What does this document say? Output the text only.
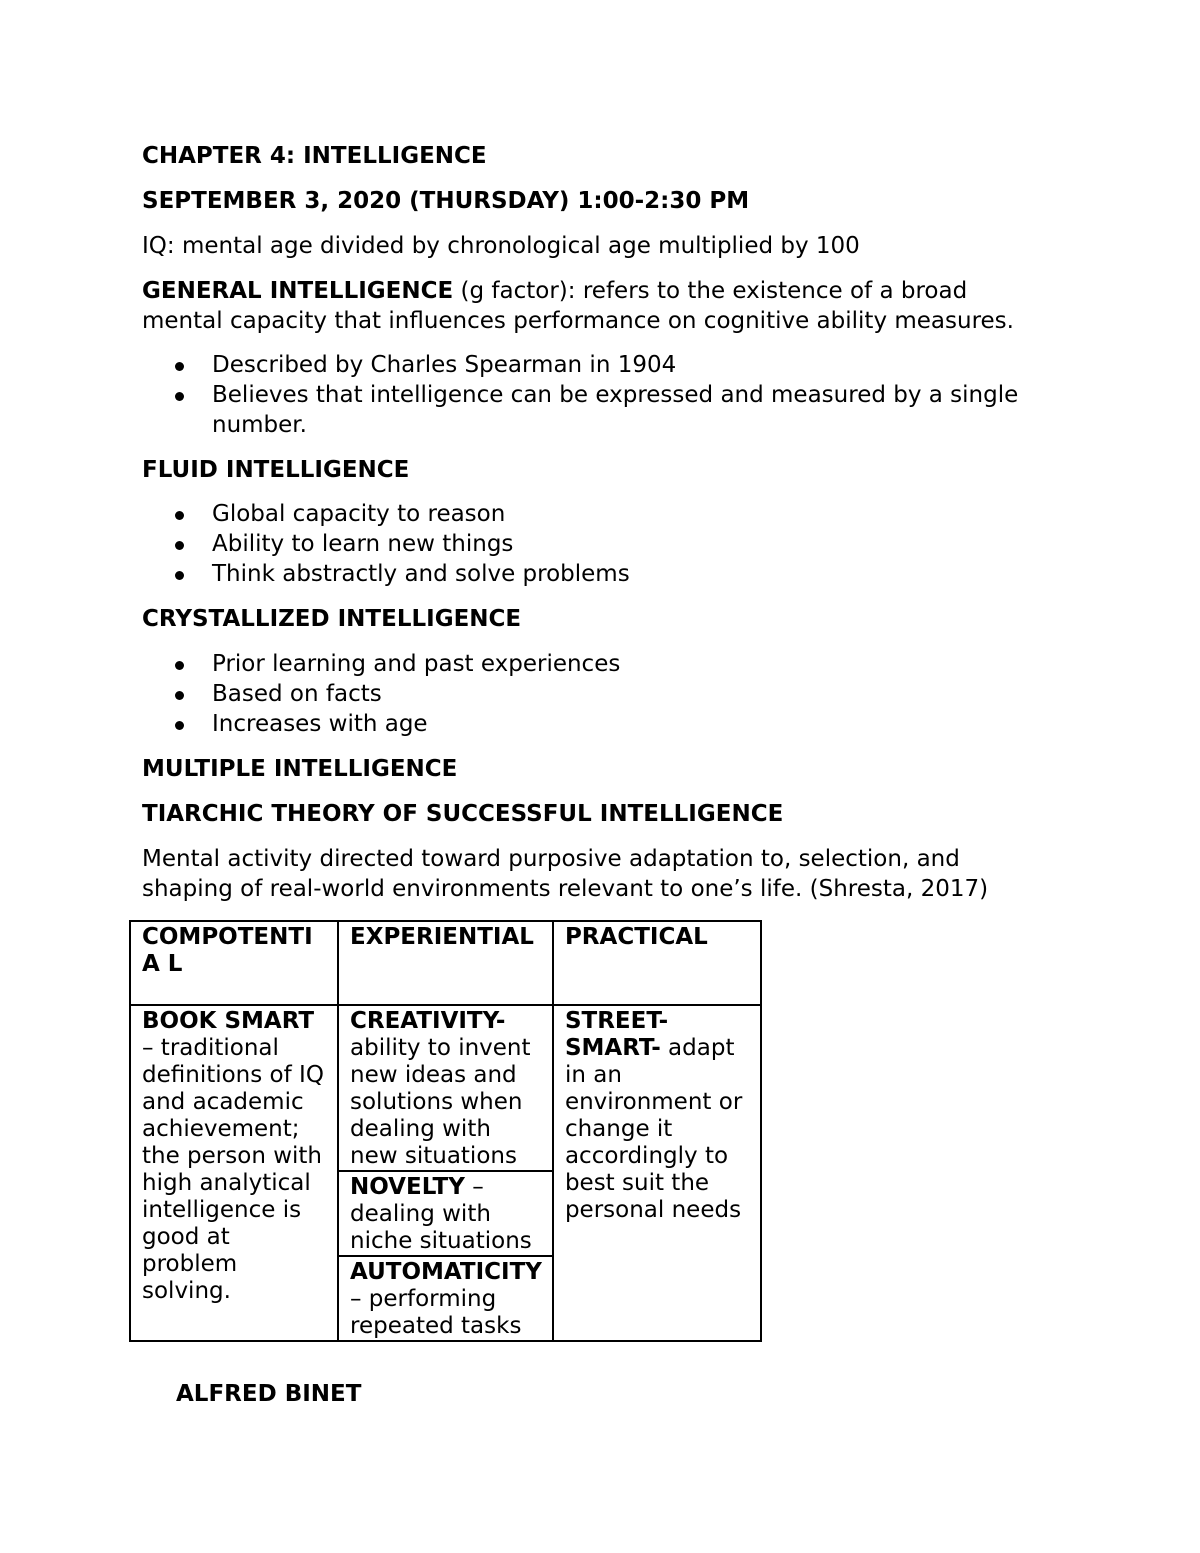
CHAPTER 4: INTELLIGENCE

SEPTEMBER 3, 2020 (THURSDAY) 1:00-2:30 PM

IQ: mental age divided by chronological age multiplied by 100

GENERAL INTELLIGENCE (g factor): refers to the existence of a broad

mental capacity that influences performance on cognitive ability measures.

Described by Charles Spearman in 1904
Believes that intelligence can be expressed and measured by a single
number.

FLUID INTELLIGENCE

Global capacity to reason
Ability to learn new things
Think abstractly and solve problems

CRYSTALLIZED INTELLIGENCE

Prior learning and past experiences
Based on facts
Increases with age

MULTIPLE INTELLIGENCE

TIARCHIC THEORY OF SUCCESSFUL INTELLIGENCE

Mental activity directed toward purposive adaptation to, selection, and

shaping of real-world environments relevant to one’s life. (Shresta, 2017)

COMPOTENTIA L	EXPERIENTIAL	PRACTICAL
BOOK SMART – traditional definitions of IQ and academic achievement; the person with high analytical intelligence is good at problem solving.	CREATIVITY- ability to invent new ideas and solutions when dealing with new situations	STREET-SMART- adapt in an environment or change it accordingly to best suit the personal needs
	NOVELTY – dealing with niche situations	
	AUTOMATICITY – performing repeated tasks	

ALFRED BINET
